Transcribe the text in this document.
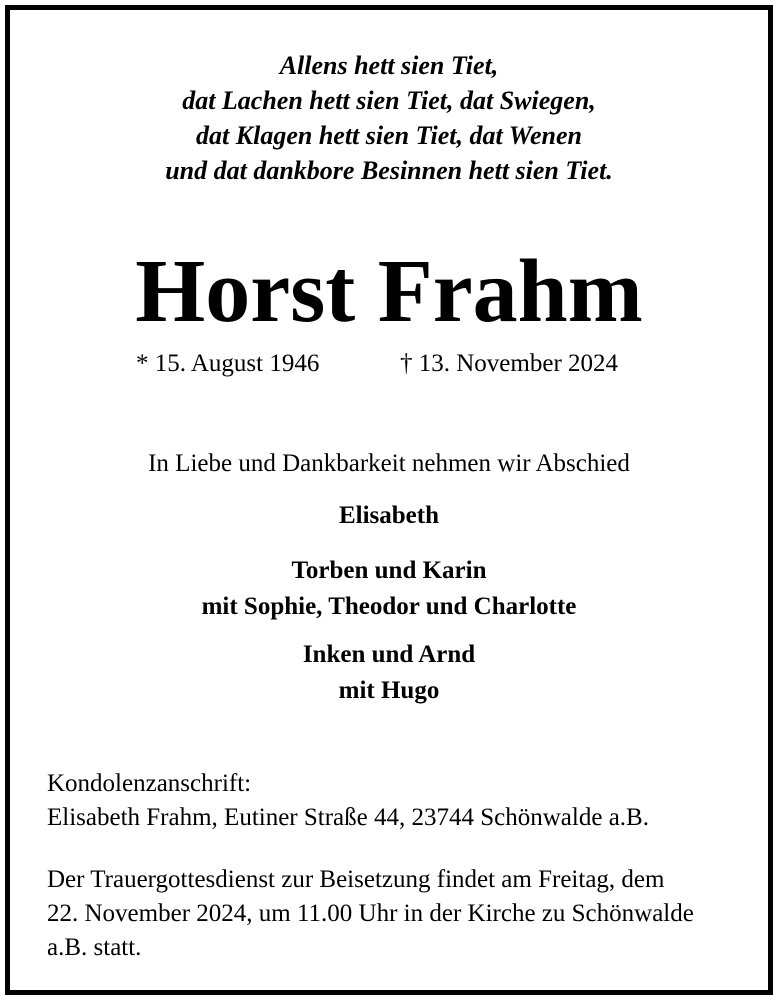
Allens hett sien Tiet,
dat Lachen hett sien Tiet, dat Swiegen,
dat Klagen hett sien Tiet, dat Wenen
und dat dankbore Besinnen hett sien Tiet.
Horst Frahm
* 15. August 1946	† 13. November 2024
In Liebe und Dankbarkeit nehmen wir Abschied
Elisabeth
Torben und Karin
mit Sophie, Theodor und Charlotte
Inken und Arnd
mit Hugo
Kondolenzanschrift:
Elisabeth Frahm, Eutiner Straße 44, 23744 Schönwalde a.B.
Der Trauergottesdienst zur Beisetzung findet am Freitag, dem
22. November 2024, um 11.00 Uhr in der Kirche zu Schönwalde
a.B. statt.
